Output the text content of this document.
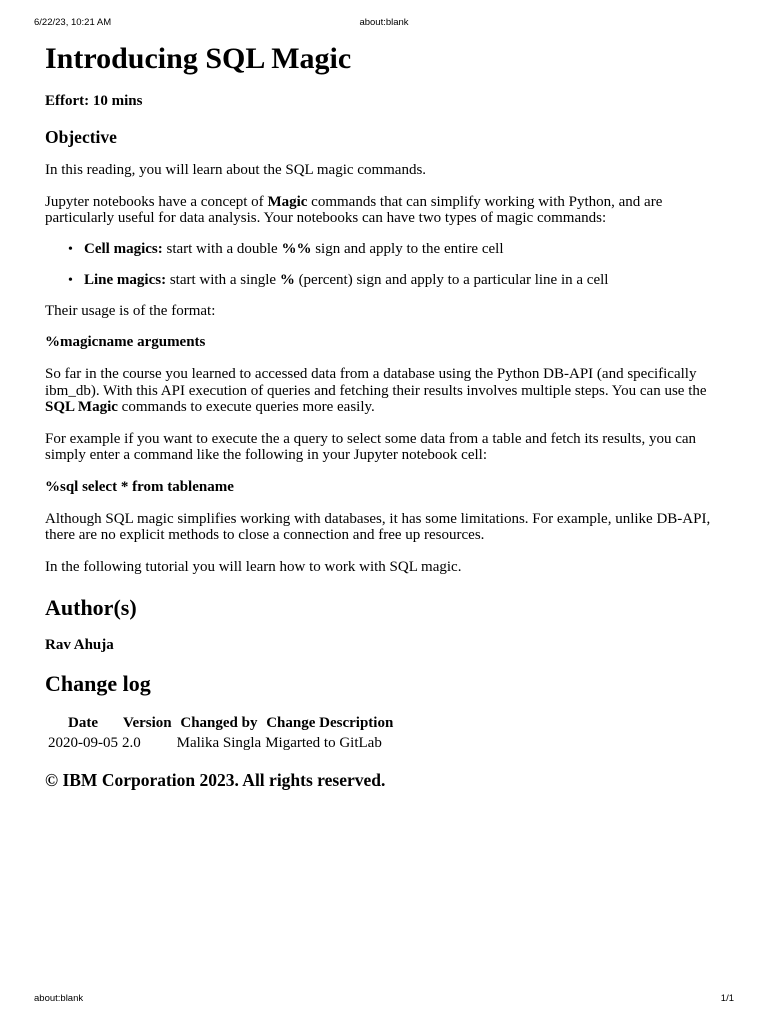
6/22/23, 10:21 AM	about:blank
Introducing SQL Magic

Effort: 10 mins

Objective

In this reading, you will learn about the SQL magic commands.

Jupyter notebooks have a concept of Magic commands that can simplify working with Python, and are particularly useful for data analysis. Your notebooks can have two types of magic commands:

• Cell magics: start with a double %% sign and apply to the entire cell
• Line magics: start with a single % (percent) sign and apply to a particular line in a cell

Their usage is of the format:

%magicname arguments

So far in the course you learned to accessed data from a database using the Python DB-API (and specifically ibm_db). With this API execution of queries and fetching their results involves multiple steps. You can use the SQL Magic commands to execute queries more easily.

For example if you want to execute the a query to select some data from a table and fetch its results, you can simply enter a command like the following in your Jupyter notebook cell:

%sql select * from tablename

Although SQL magic simplifies working with databases, it has some limitations. For example, unlike DB-API, there are no explicit methods to close a connection and free up resources.

In the following tutorial you will learn how to work with SQL magic.

Author(s)

Rav Ahuja

Change log
Date	Version	Changed by	Change Description
2020-09-05	2.0	Malika Singla	Migarted to GitLab

© IBM Corporation 2023. All rights reserved.

about:blank	1/1
